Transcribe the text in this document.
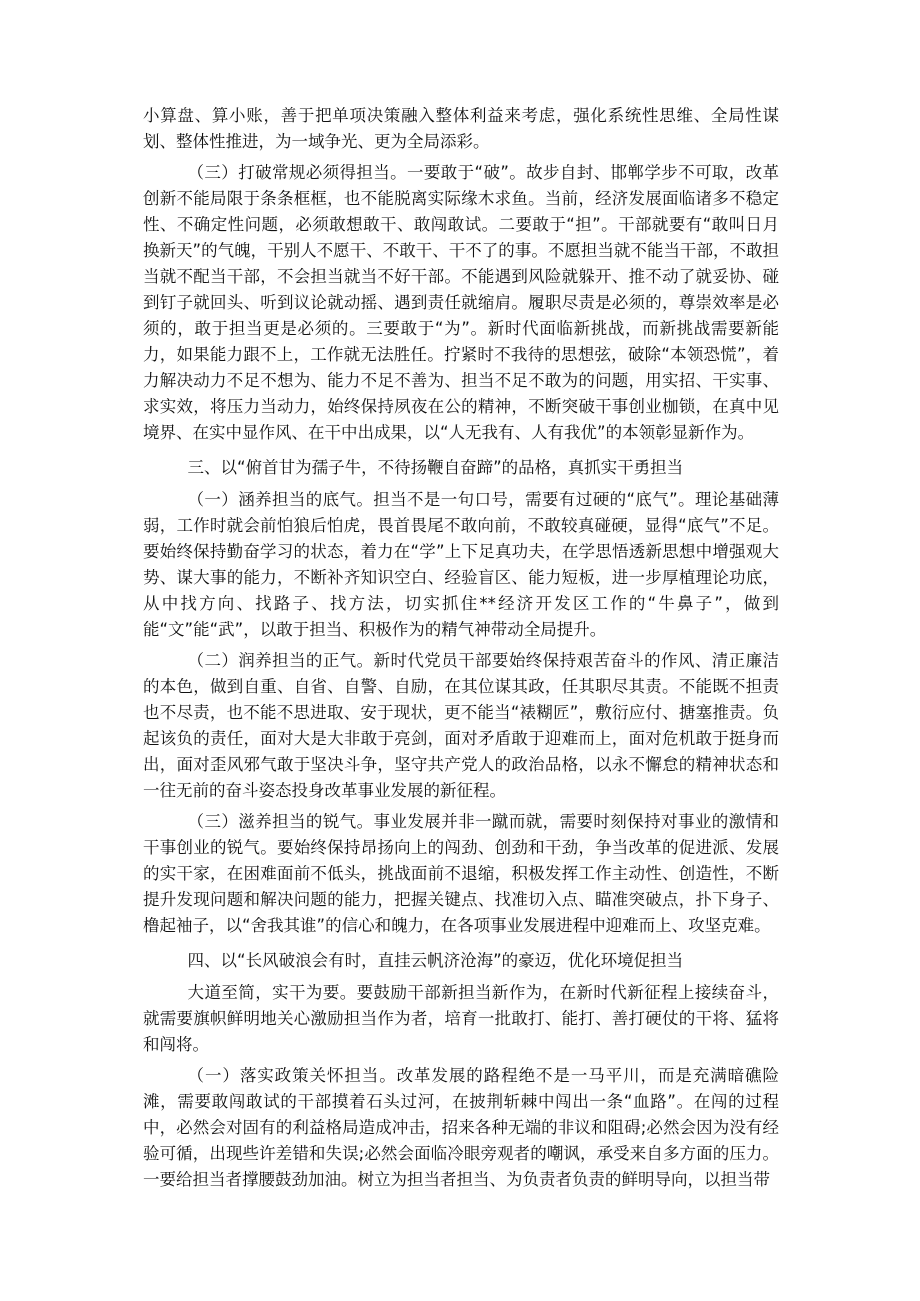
小算盘、算小账，善于把单项决策融入整体利益来考虑，强化系统性思维、全局性谋划、整体性推进，为一域争光、更为全局添彩。

（三）打破常规必须得担当。一要敢于“破”。故步自封、邯郸学步不可取，改革创新不能局限于条条框框，也不能脱离实际缘木求鱼。当前，经济发展面临诸多不稳定性、不确定性问题，必须敢想敢干、敢闯敢试。二要敢于“担”。干部就要有“敢叫日月换新天”的气魄，干别人不愿干、不敢干、干不了的事。不愿担当就不能当干部，不敢担当就不配当干部，不会担当就当不好干部。不能遇到风险就躲开、推不动了就妥协、碰到钉子就回头、听到议论就动摇、遇到责任就缩肩。履职尽责是必须的，尊崇效率是必须的，敢于担当更是必须的。三要敢于“为”。新时代面临新挑战，而新挑战需要新能力，如果能力跟不上，工作就无法胜任。拧紧时不我待的思想弦，破除“本领恐慌”，着力解决动力不足不想为、能力不足不善为、担当不足不敢为的问题，用实招、干实事、求实效，将压力当动力，始终保持夙夜在公的精神，不断突破干事创业枷锁，在真中见境界、在实中显作风、在干中出成果，以“人无我有、人有我优”的本领彰显新作为。

三、以“俯首甘为孺子牛，不待扬鞭自奋蹄”的品格，真抓实干勇担当

（一）涵养担当的底气。担当不是一句口号，需要有过硬的“底气”。理论基础薄弱，工作时就会前怕狼后怕虎，畏首畏尾不敢向前，不敢较真碰硬，显得“底气”不足。要始终保持勤奋学习的状态，着力在“学”上下足真功夫，在学思悟透新思想中增强观大势、谋大事的能力，不断补齐知识空白、经验盲区、能力短板，进一步厚植理论功底，从中找方向、找路子、找方法，切实抓住**经济开发区工作的“牛鼻子”，做到能“文”能“武”，以敢于担当、积极作为的精气神带动全局提升。

（二）润养担当的正气。新时代党员干部要始终保持艰苦奋斗的作风、清正廉洁的本色，做到自重、自省、自警、自励，在其位谋其政，任其职尽其责。不能既不担责也不尽责，也不能不思进取、安于现状，更不能当“裱糊匠”，敷衍应付、搪塞推责。负起该负的责任，面对大是大非敢于亮剑，面对矛盾敢于迎难而上，面对危机敢于挺身而出，面对歪风邪气敢于坚决斗争，坚守共产党人的政治品格，以永不懈怠的精神状态和一往无前的奋斗姿态投身改革事业发展的新征程。

（三）滋养担当的锐气。事业发展并非一蹴而就，需要时刻保持对事业的激情和干事创业的锐气。要始终保持昂扬向上的闯劲、创劲和干劲，争当改革的促进派、发展的实干家，在困难面前不低头，挑战面前不退缩，积极发挥工作主动性、创造性，不断提升发现问题和解决问题的能力，把握关键点、找准切入点、瞄准突破点，扑下身子、橹起袖子，以“舍我其谁”的信心和魄力，在各项事业发展进程中迎难而上、攻坚克难。

四、以“长风破浪会有时，直挂云帆济沧海”的豪迈，优化环境促担当

大道至简，实干为要。要鼓励干部新担当新作为，在新时代新征程上接续奋斗，就需要旗帜鲜明地关心激励担当作为者，培育一批敢打、能打、善打硬仗的干将、猛将和闯将。

（一）落实政策关怀担当。改革发展的路程绝不是一马平川，而是充满暗礁险滩，需要敢闯敢试的干部摸着石头过河，在披荆斩棘中闯出一条“血路”。在闯的过程中，必然会对固有的利益格局造成冲击，招来各种无端的非议和阻碍;必然会因为没有经验可循，出现些许差错和失误;必然会面临冷眼旁观者的嘲讽，承受来自多方面的压力。一要给担当者撑腰鼓劲加油。树立为担当者担当、为负责者负责的鲜明导向，以担当带
